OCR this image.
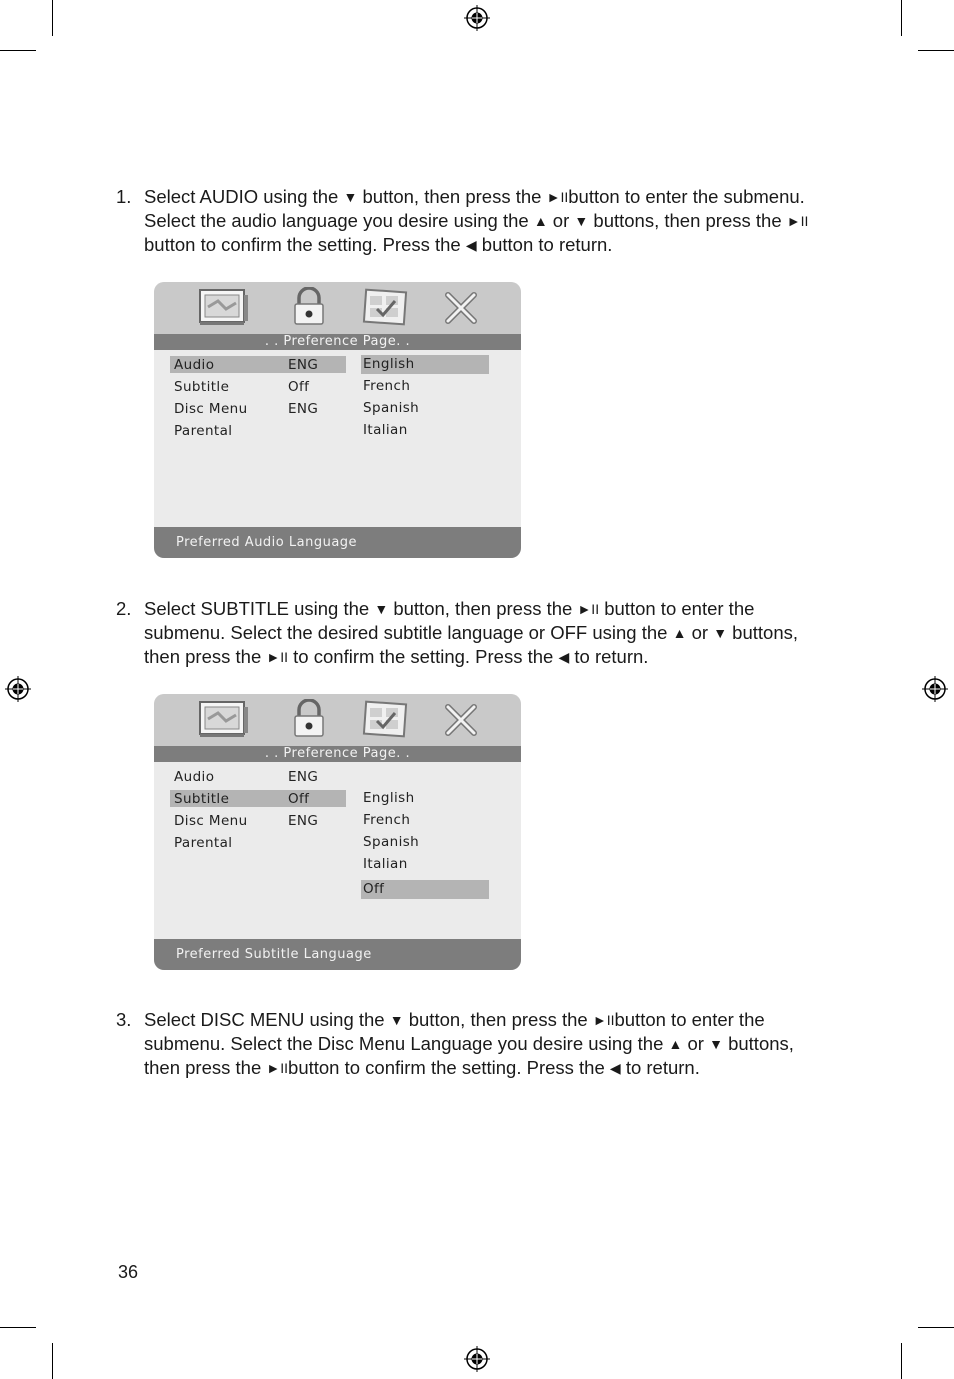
1. Select AUDIO using the ▼ button, then press the ►IIbutton to enter the submenu.
Select the audio language you desire using the ▲ or ▼ buttons, then press the ►II
button to confirm the setting. Press the ◀ button to return.
2. Select SUBTITLE using the ▼ button, then press the ►II button to enter the
submenu. Select the desired subtitle language or OFF using the ▲ or ▼ buttons,
then press the ►II to confirm the setting. Press the ◀ to return.
3. Select DISC MENU using the ▼ button, then press the ►IIbutton to enter the
submenu. Select the Disc Menu Language you desire using the ▲ or ▼ buttons,
then press the ►IIbutton to confirm the setting. Press the ◀ to return.
. . Preference Page. .
Preferred Audio Language
Audio	ENG
Subtitle	Off
Disc Menu	ENG
Parental
English
French
Spanish
Italian
. . Preference Page. .
Preferred Subtitle Language
Audio	ENG
Subtitle	Off
Disc Menu	ENG
Parental
English
French
Spanish
Italian
Off
36
